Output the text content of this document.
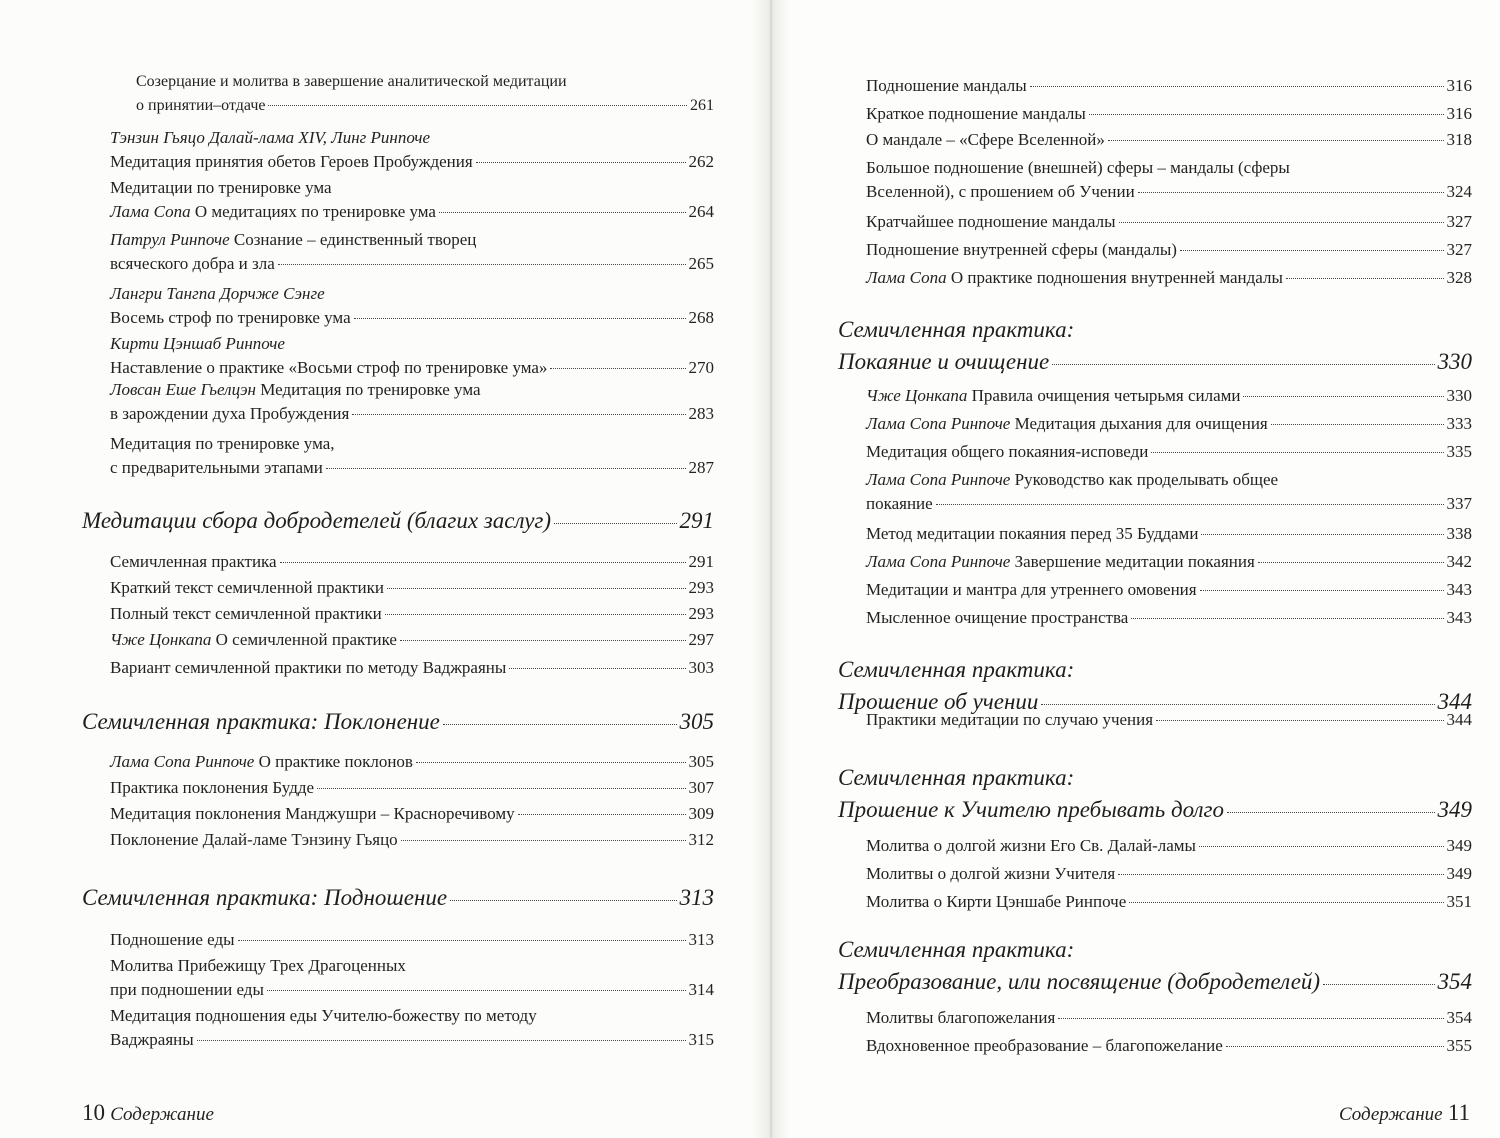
Созерцание и молитва в завершение аналитической медитации
о принятии–отдаче	261
Тэнзин Гьяцо Далай-лама XIV, Линг Ринпоче
Медитация принятия обетов Героев Пробуждения	262
Медитации по тренировке ума
Лама Сопа О медитациях по тренировке ума	264
Патрул Ринпоче Сознание – единственный творец
всяческого добра и зла	265
Лангри Тангпа Дорчже Сэнге
Восемь строф по тренировке ума	268
Кирти Цэншаб Ринпоче
Наставление о практике «Восьми строф по тренировке ума»	270
Ловсан Еше Гьелцэн Медитация по тренировке ума
в зарождении духа Пробуждения	283
Медитация по тренировке ума,
с предварительными этапами	287
Медитации сбора добродетелей (благих заслуг)	291
Семичленная практика	291
Краткий текст семичленной практики	293
Полный текст семичленной практики	293
Чже Цонкапа О семичленной практике	297
Вариант семичленной практики по методу Ваджраяны	303
Семичленная практика: Поклонение	305
Лама Сопа Ринпоче О практике поклонов	305
Практика поклонения Будде	307
Медитация поклонения Манджушри – Красноречивому	309
Поклонение Далай-ламе Тэнзину Гьяцо	312
Семичленная практика: Подношение	313
Подношение еды	313
Молитва Прибежищу Трех Драгоценных
при подношении еды	314
Медитация подношения еды Учителю-божеству по методу
Ваджраяны	315
Подношение мандалы	316
Краткое подношение мандалы	316
О мандале – «Сфере Вселенной»	318
Большое подношение (внешней) сферы – мандалы (сферы
Вселенной), с прошением об Учении	324
Кратчайшее подношение мандалы	327
Подношение внутренней сферы (мандалы)	327
Лама Сопа О практике подношения внутренней мандалы	328
Семичленная практика:
Покаяние и очищение	330
Чже Цонкапа Правила очищения четырьмя силами	330
Лама Сопа Ринпоче Медитация дыхания для очищения	333
Медитация общего покаяния-исповеди	335
Лама Сопа Ринпоче Руководство как проделывать общее
покаяние	337
Метод медитации покаяния перед 35 Буддами	338
Лама Сопа Ринпоче Завершение медитации покаяния	342
Медитации и мантра для утреннего омовения	343
Мысленное очищение пространства	343
Семичленная практика:
Прошение об учении	344
Практики медитации по случаю учения	344
Семичленная практика:
Прошение к Учителю пребывать долго	349
Молитва о долгой жизни Его Св. Далай-ламы	349
Молитвы о долгой жизни Учителя	349
Молитва о Кирти Цэншабе Ринпоче	351
Семичленная практика:
Преобразование, или посвящение (добродетелей)	354
Молитвы благопожелания	354
Вдохновенное преобразование – благопожелание	355
10 Содержание	Содержание 11
